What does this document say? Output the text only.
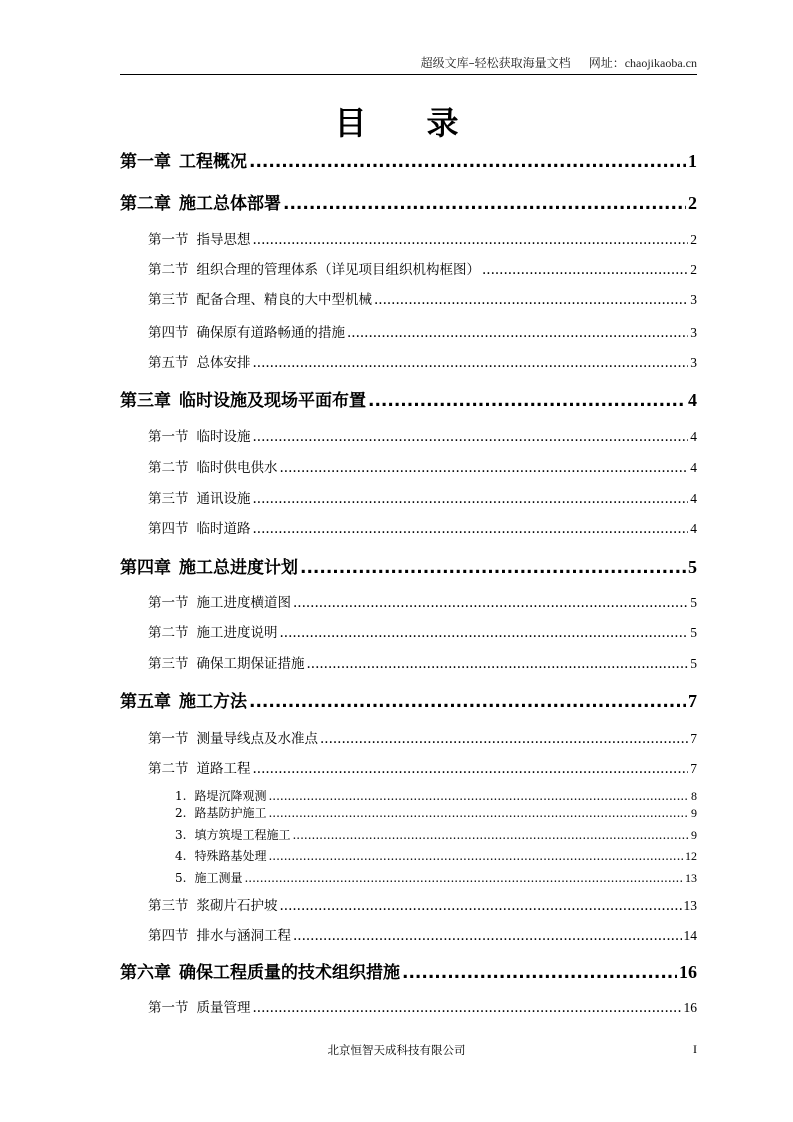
超级文库–轻松获取海量文档 网址：chaojikaoba.cn
目 录
第一章 工程概况 .....	1
第二章 施工总体部署 .....	2
第一节 指导思想 .....	2
第二节 组织合理的管理体系（详见项目组织机构框图） .....	2
第三节 配备合理、精良的大中型机械 .....	3
第四节 确保原有道路畅通的措施 .....	3
第五节 总体安排 .....	3
第三章 临时设施及现场平面布置 .....	4
第一节 临时设施 .....	4
第二节 临时供电供水 .....	4
第三节 通讯设施 .....	4
第四节 临时道路 .....	4
第四章 施工总进度计划 .....	5
第一节 施工进度横道图 .....	5
第二节 施工进度说明 .....	5
第三节 确保工期保证措施 .....	5
第五章 施工方法 .....	7
第一节 测量导线点及水准点 .....	7
第二节 道路工程 .....	7
1. 路堤沉降观测 .....	8
2. 路基防护施工 .....	9
3. 填方筑堤工程施工 .....	9
4. 特殊路基处理 .....	12
5. 施工测量 .....	13
第三节 浆砌片石护坡 .....	13
第四节 排水与涵洞工程 .....	14
第六章 确保工程质量的技术组织措施 .....	16
第一节 质量管理 .....	16
北京恒智天成科技有限公司	I
